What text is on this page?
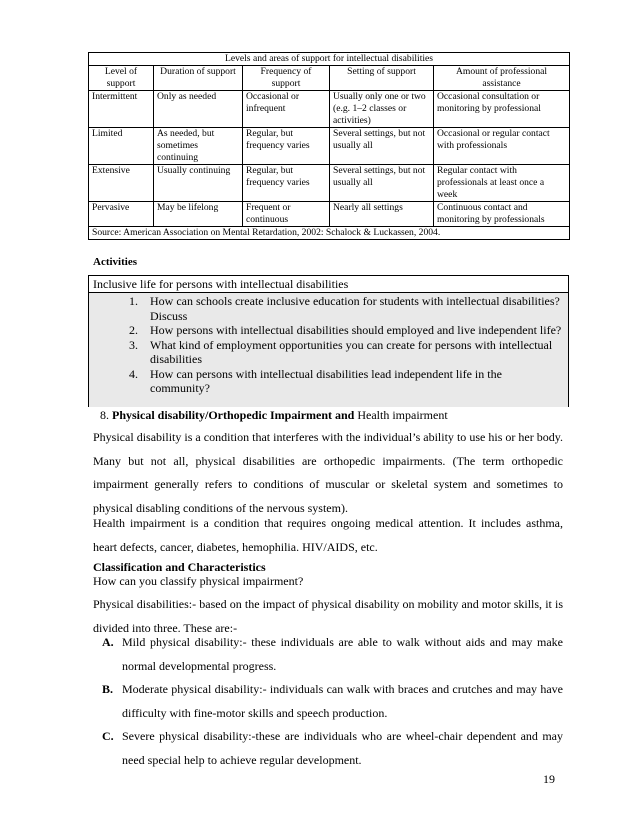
Levels and areas of support for intellectual disabilities				
Level of support	Duration of support	Frequency of support	Setting of support	Amount of professional assistance
Intermittent	Only as needed	Occasional or infrequent	Usually only one or two (e.g. 1–2 classes or activities)	Occasional consultation or monitoring by professional
Limited	As needed, but sometimes continuing	Regular, but frequency varies	Several settings, but not usually all	Occasional or regular contact with professionals
Extensive	Usually continuing	Regular, but frequency varies	Several settings, but not usually all	Regular contact with professionals at least once a week
Pervasive	May be lifelong	Frequent or continuous	Nearly all settings	Continuous contact and monitoring by professionals
Source: American Association on Mental Retardation, 2002: Schalock & Luckassen, 2004.				
Activities
Inclusive life for persons with intellectual disabilities
1. How can schools create inclusive education for students with intellectual disabilities? Discuss
2. How persons with intellectual disabilities should employed and live independent life?
3. What kind of employment opportunities you can create for persons with intellectual disabilities
4. How can persons with intellectual disabilities lead independent life in the community?
8. Physical disability/Orthopedic Impairment and Health impairment
Physical disability is a condition that interferes with the individual’s ability to use his or her body. Many but not all, physical disabilities are orthopedic impairments. (The term orthopedic impairment generally refers to conditions of muscular or skeletal system and sometimes to physical disabling conditions of the nervous system).
Health impairment is a condition that requires ongoing medical attention. It includes asthma, heart defects, cancer, diabetes, hemophilia. HIV/AIDS, etc.
Classification and Characteristics
How can you classify physical impairment?
Physical disabilities:- based on the impact of physical disability on mobility and motor skills, it is divided into three. These are:-
A. Mild physical disability:- these individuals are able to walk without aids and may make normal developmental progress.
B. Moderate physical disability:- individuals can walk with braces and crutches and may have difficulty with fine-motor skills and speech production.
C. Severe physical disability:-these are individuals who are wheel-chair dependent and may need special help to achieve regular development.
19
